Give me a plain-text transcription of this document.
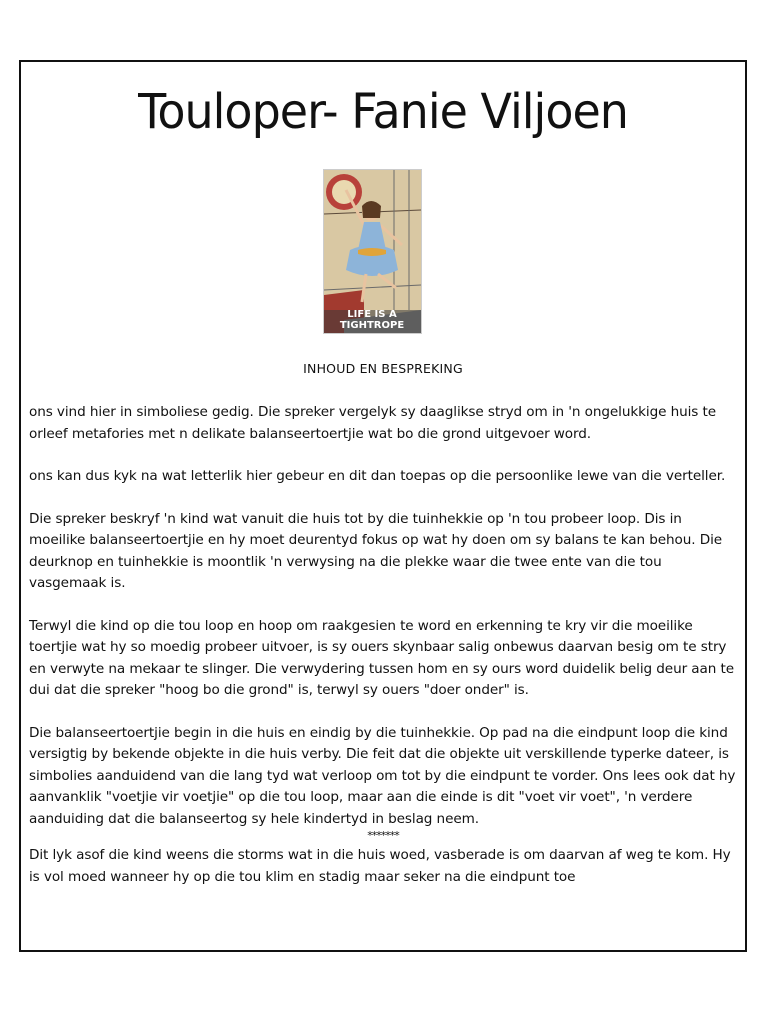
Touloper- Fanie Viljoen
LIFE IS A TIGHTROPE
INHOUD EN BESPREKING

ons vind hier in simboliese gedig. Die spreker vergelyk sy daaglikse stryd om in 'n ongelukkige huis te orleef metafories met n delikate balanseertoertjie wat bo die grond uitgevoer word.

ons kan dus kyk na wat letterlik hier gebeur en dit dan toepas op die persoonlike lewe van die verteller.

Die spreker beskryf 'n kind wat vanuit die huis tot by die tuinhekkie op 'n tou probeer loop. Dis in moeilike balanseertoertjie en hy moet deurentyd fokus op wat hy doen om sy balans te kan behou. Die deurknop en tuinhekkie is moontlik 'n verwysing na die plekke waar die twee ente van die tou vasgemaak is.

Terwyl die kind op die tou loop en hoop om raakgesien te word en erkenning te kry vir die moeilike toertjie wat hy so moedig probeer uitvoer, is sy ouers skynbaar salig onbewus daarvan besig om te stry en verwyte na mekaar te slinger. Die verwydering tussen hom en sy ours word duidelik belig deur aan te dui dat die spreker "hoog bo die grond" is, terwyl sy ouers "doer onder" is.

Die balanseertoertjie begin in die huis en eindig by die tuinhekkie. Op pad na die eindpunt loop die kind versigtig by bekende objekte in die huis verby. Die feit dat die objekte uit verskillende typerke dateer, is simbolies aanduidend van die lang tyd wat verloop om tot by die eindpunt te vorder. Ons lees ook dat hy aanvanklik "voetjie vir voetjie" op die tou loop, maar aan die einde is dit "voet vir voet", 'n verdere aanduiding dat die balanseertog sy hele kindertyd in beslag neem.

*******

Dit lyk asof die kind weens die storms wat in die huis woed, vasberade is om daarvan af weg te kom. Hy is vol moed wanneer hy op die tou klim en stadig maar seker na die eindpunt toe
